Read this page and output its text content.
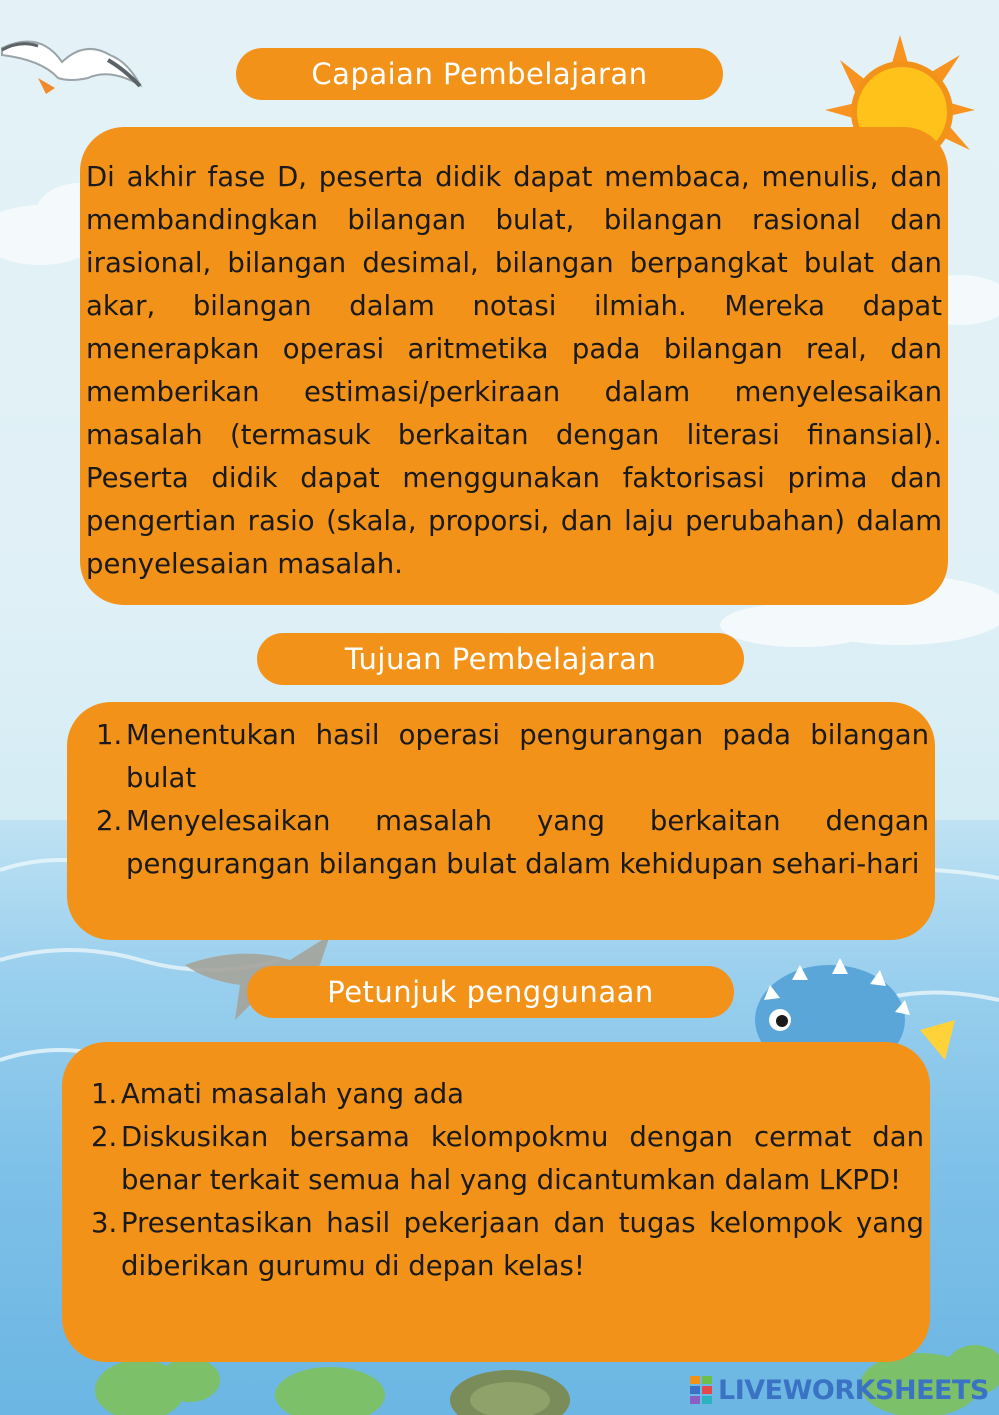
Capaian Pembelajaran

Di akhir fase D, peserta didik dapat membaca, menulis, dan membandingkan bilangan bulat, bilangan rasional dan irasional, bilangan desimal, bilangan berpangkat bulat dan akar, bilangan dalam notasi ilmiah. Mereka dapat menerapkan operasi aritmetika pada bilangan real, dan memberikan estimasi/perkiraan dalam menyelesaikan masalah (termasuk berkaitan dengan literasi finansial). Peserta didik dapat menggunakan faktorisasi prima dan pengertian rasio (skala, proporsi, dan laju perubahan) dalam penyelesaian masalah.

Tujuan Pembelajaran
1. Menentukan hasil operasi pengurangan pada bilangan bulat
2. Menyelesaikan masalah yang berkaitan dengan pengurangan bilangan bulat dalam kehidupan sehari-hari
Petunjuk penggunaan
1. Amati masalah yang ada
2. Diskusikan bersama kelompokmu dengan cermat dan benar terkait semua hal yang dicantumkan dalam LKPD!
3. Presentasikan hasil pekerjaan dan tugas kelompok yang diberikan gurumu di depan kelas!
LIVEWORKSHEETS
